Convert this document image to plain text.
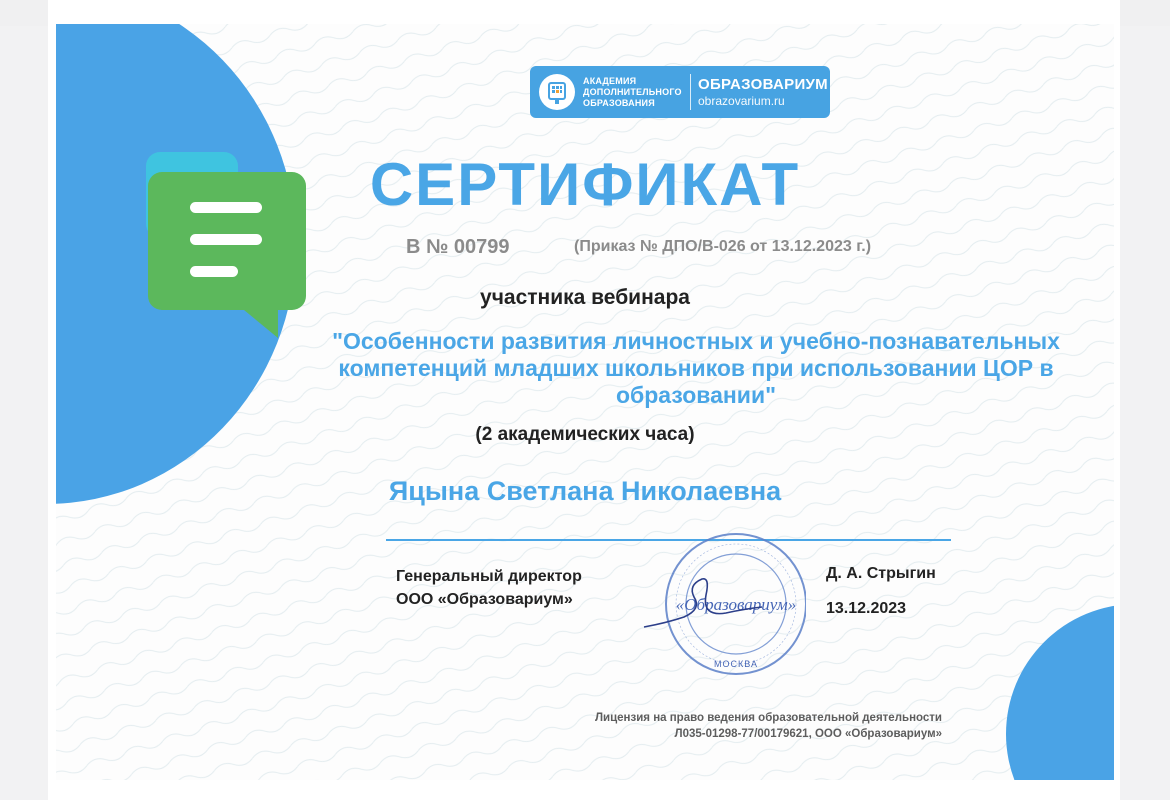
АКАДЕМИЯ
ДОПОЛНИТЕЛЬНОГО
ОБРАЗОВАНИЯ
ОБРАЗОВАРИУМ
obrazovarium.ru
СЕРТИФИКАТ
В № 00799	(Приказ № ДПО/В-026 от 13.12.2023 г.)
участника вебинара
"Особенности развития личностных и учебно-познавательных компетенций младших школьников при использовании ЦОР в образовании"
(2 академических часа)
Яцына Светлана Николаевна
Генеральный директор
ООО «Образовариум»	«Образовариум»
МОСКВА
Д. А. Стрыгин
13.12.2023
Лицензия на право ведения образовательной деятельности
Л035-01298-77/00179621, ООО «Образовариум»
